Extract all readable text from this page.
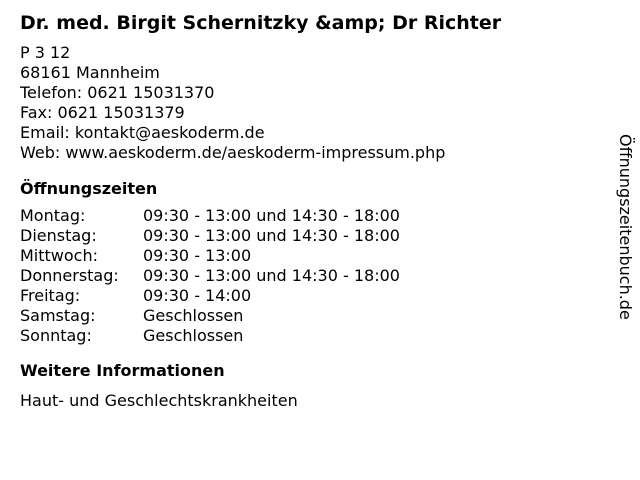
Dr. med. Birgit Schernitzky &amp; Dr Richter
P 3 12
68161 Mannheim
Telefon: 0621 15031370
Fax: 0621 15031379
Email: kontakt@aeskoderm.de
Web: www.aeskoderm.de/aeskoderm-impressum.php
Öffnungszeiten
Montag:	09:30 - 13:00 und 14:30 - 18:00
Dienstag:	09:30 - 13:00 und 14:30 - 18:00
Mittwoch:	09:30 - 13:00
Donnerstag:	09:30 - 13:00 und 14:30 - 18:00
Freitag:	09:30 - 14:00
Samstag:	Geschlossen
Sonntag:	Geschlossen
Weitere Informationen
Haut- und Geschlechtskrankheiten
Öffnungszeitenbuch.de
